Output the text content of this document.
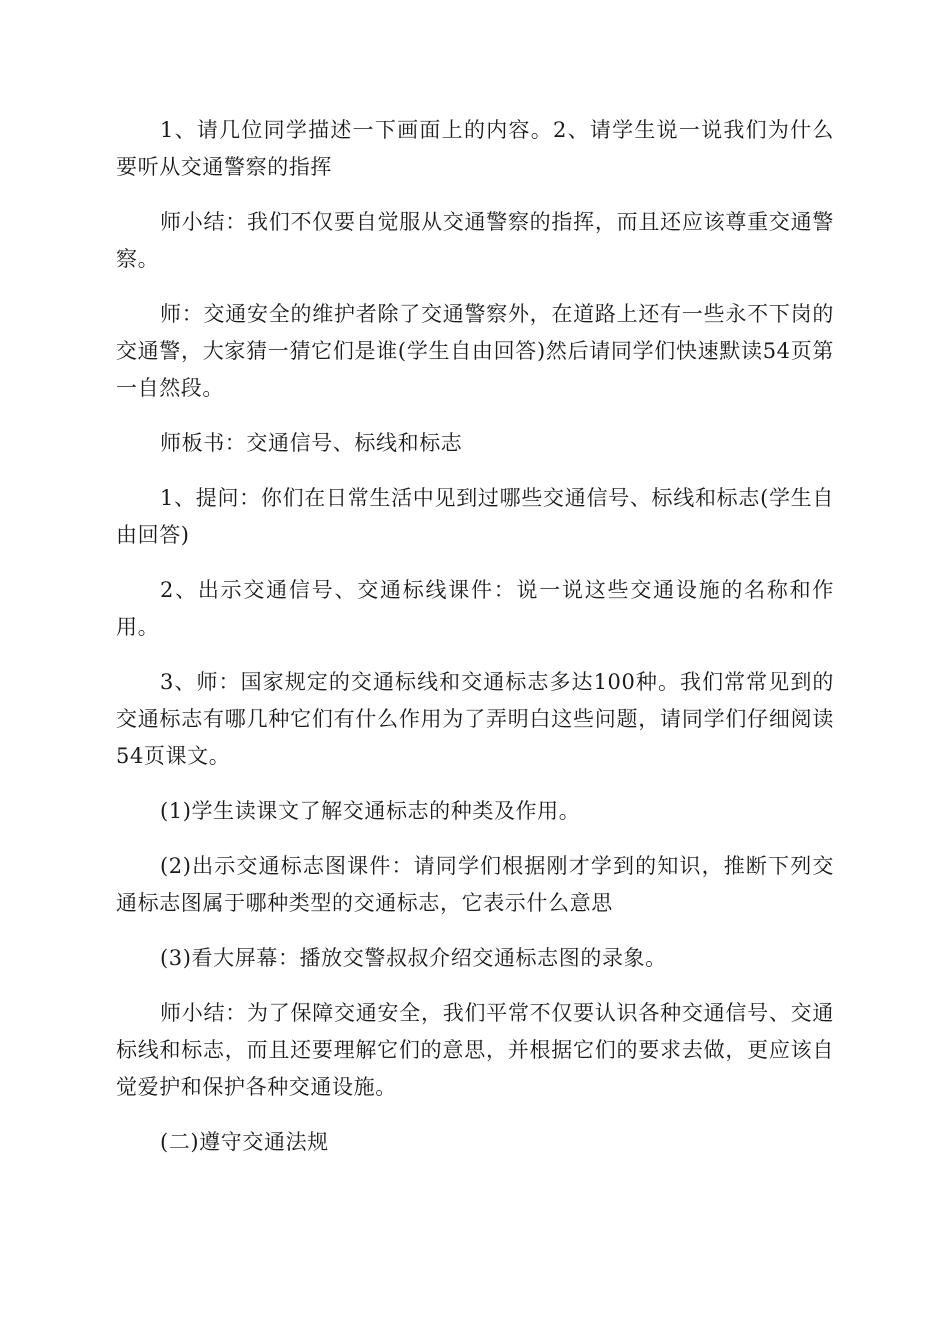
1、请几位同学描述一下画面上的内容。2、请学生说一说我们为什么要听从交通警察的指挥

师小结：我们不仅要自觉服从交通警察的指挥，而且还应该尊重交通警察。

师：交通安全的维护者除了交通警察外，在道路上还有一些永不下岗的交通警，大家猜一猜它们是谁(学生自由回答)然后请同学们快速默读54页第一自然段。

师板书：交通信号、标线和标志

1、提问：你们在日常生活中见到过哪些交通信号、标线和标志(学生自由回答)

2、出示交通信号、交通标线课件：说一说这些交通设施的名称和作用。

3、师：国家规定的交通标线和交通标志多达100种。我们常常见到的交通标志有哪几种它们有什么作用为了弄明白这些问题，请同学们仔细阅读54页课文。

(1)学生读课文了解交通标志的种类及作用。

(2)出示交通标志图课件：请同学们根据刚才学到的知识，推断下列交通标志图属于哪种类型的交通标志，它表示什么意思

(3)看大屏幕：播放交警叔叔介绍交通标志图的录象。

师小结：为了保障交通安全，我们平常不仅要认识各种交通信号、交通标线和标志，而且还要理解它们的意思，并根据它们的要求去做，更应该自觉爱护和保护各种交通设施。

(二)遵守交通法规
